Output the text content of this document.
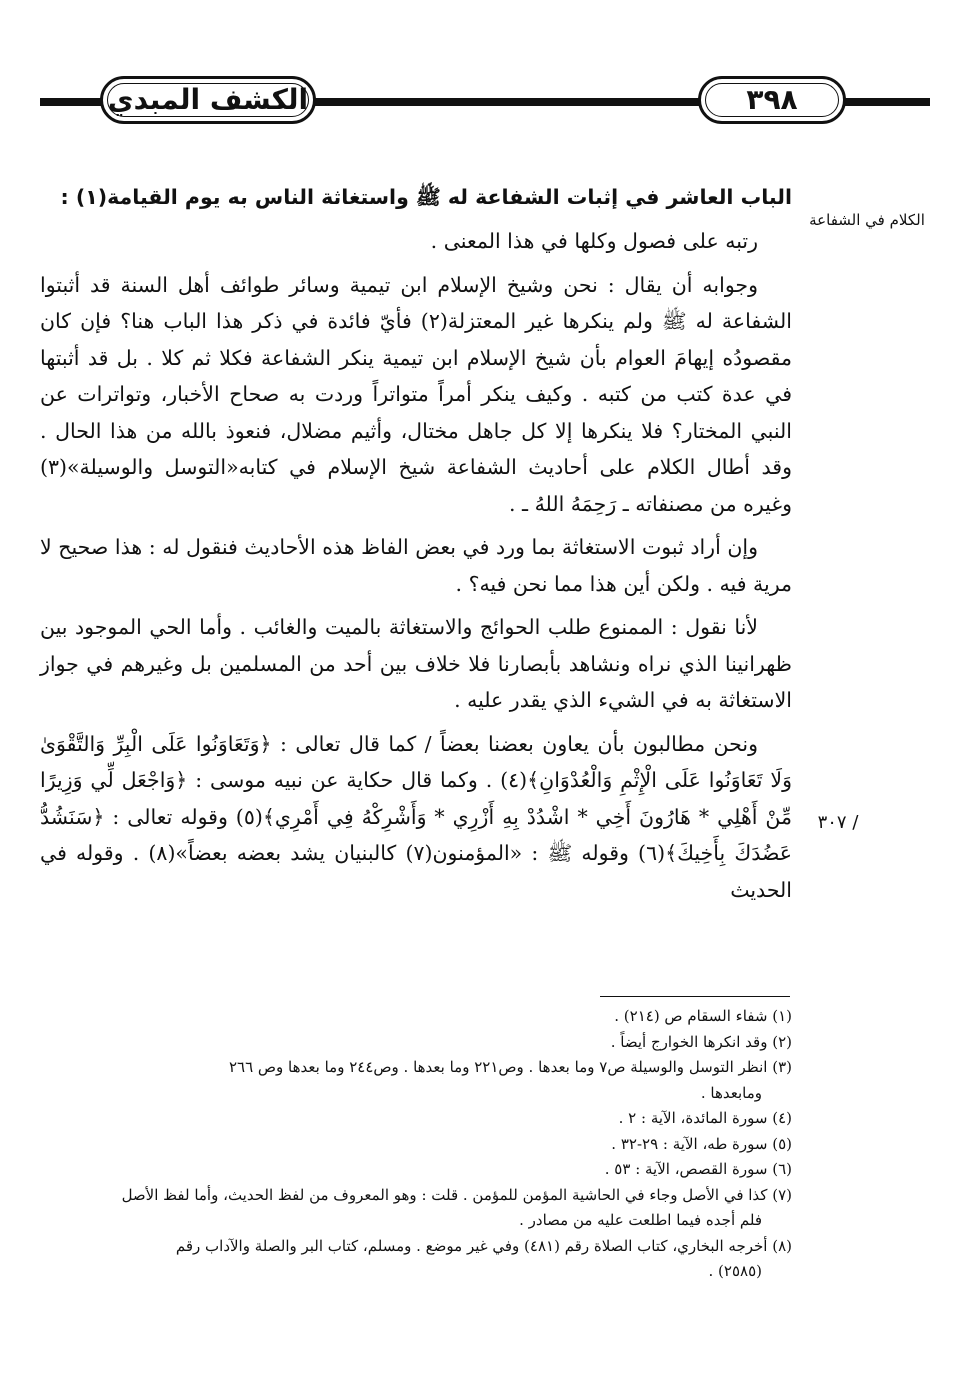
الكشف المبدي	٣٩٨
الكلام في الشفاعة
/ ٣٠٧

الباب العاشر في إثبات الشفاعة له ﷺ واستغاثة الناس به يوم القيامة(١) :

رتبه على فصول وكلها في هذا المعنى .

وجوابه أن يقال : نحن وشيخ الإسلام ابن تيمية وسائر طوائف أهل السنة قد أثبتوا الشفاعة له ﷺ ولم ينكرها غير المعتزلة(٢) فأيّ فائدة في ذكر هذا الباب هنا؟ فإن كان مقصودُه إيهامَ العوام بأن شيخ الإسلام ابن تيمية ينكر الشفاعة فكلا ثم كلا . بل قد أثبتها في عدة كتب من كتبه . وكيف ينكر أمراً متواتراً وردت به صحاح الأخبار، وتواترات عن النبي المختار؟ فلا ينكرها إلا كل جاهل مختال، وأثيم مضلال، فنعوذ بالله من هذا الحال . وقد أطال الكلام على أحاديث الشفاعة شيخ الإسلام في كتابه«التوسل والوسيلة»(٣) وغيره من مصنفاته ـ رَحِمَهُ اللهُ ـ .

وإن أراد ثبوت الاستغاثة بما ورد في بعض الفاظ هذه الأحاديث فنقول له : هذا صحيح لا مرية فيه . ولكن أين هذا مما نحن فيه؟ .

لأنا نقول : الممنوع طلب الحوائج والاستغاثة بالميت والغائب . وأما الحي الموجود بين ظهرانينا الذي نراه ونشاهد بأبصارنا فلا خلاف بين أحد من المسلمين بل وغيرهم في جواز الاستغاثة به في الشيء الذي يقدر عليه .

ونحن مطالبون بأن يعاون بعضنا بعضاً / كما قال تعالى : ﴿وَتَعَاوَنُوا عَلَى الْبِرِّ وَالتَّقْوَىٰ وَلَا تَعَاوَنُوا عَلَى الْإِثْمِ وَالْعُدْوَانِ﴾(٤) . وكما قال حكاية عن نبيه موسى : ﴿وَاجْعَل لِّي وَزِيرًا مِّنْ أَهْلِي * هَارُونَ أَخِي * اشْدُدْ بِهِ أَزْرِي * وَأَشْرِكْهُ فِي أَمْرِي﴾(٥) وقوله تعالى : ﴿سَنَشُدُّ عَضُدَكَ بِأَخِيكَ﴾(٦) وقوله ﷺ : «المؤمنون(٧) كالبنيان يشد بعضه بعضاً»(٨) . وقوله في الحديث

(١) شفاء السقام ص (٢١٤) .

(٢) وقد انكرها الخوارج أيضاً .

(٣) انظر التوسل والوسيلة ص٧ وما بعدها . وص٢٢١ وما بعدها . وص٢٤٤ وما بعدها وص ٢٦٦

ومابعدها .

(٤) سورة المائدة، الآية : ٢ .

(٥) سورة طه، الآية : ٢٩-٣٢ .

(٦) سورة القصص، الآية : ٥٣ .

(٧) كذا في الأصل وجاء في الحاشية المؤمن للمؤمن . قلت : وهو المعروف من لفظ الحديث، وأما لفظ الأصل

فلم أجده فيما اطلعت عليه من مصادر .

(٨) أخرجه البخاري، كتاب الصلاة رقم (٤٨١) وفي غير موضع . ومسلم، كتاب البر والصلة والآداب رقم

(٢٥٨٥) .
